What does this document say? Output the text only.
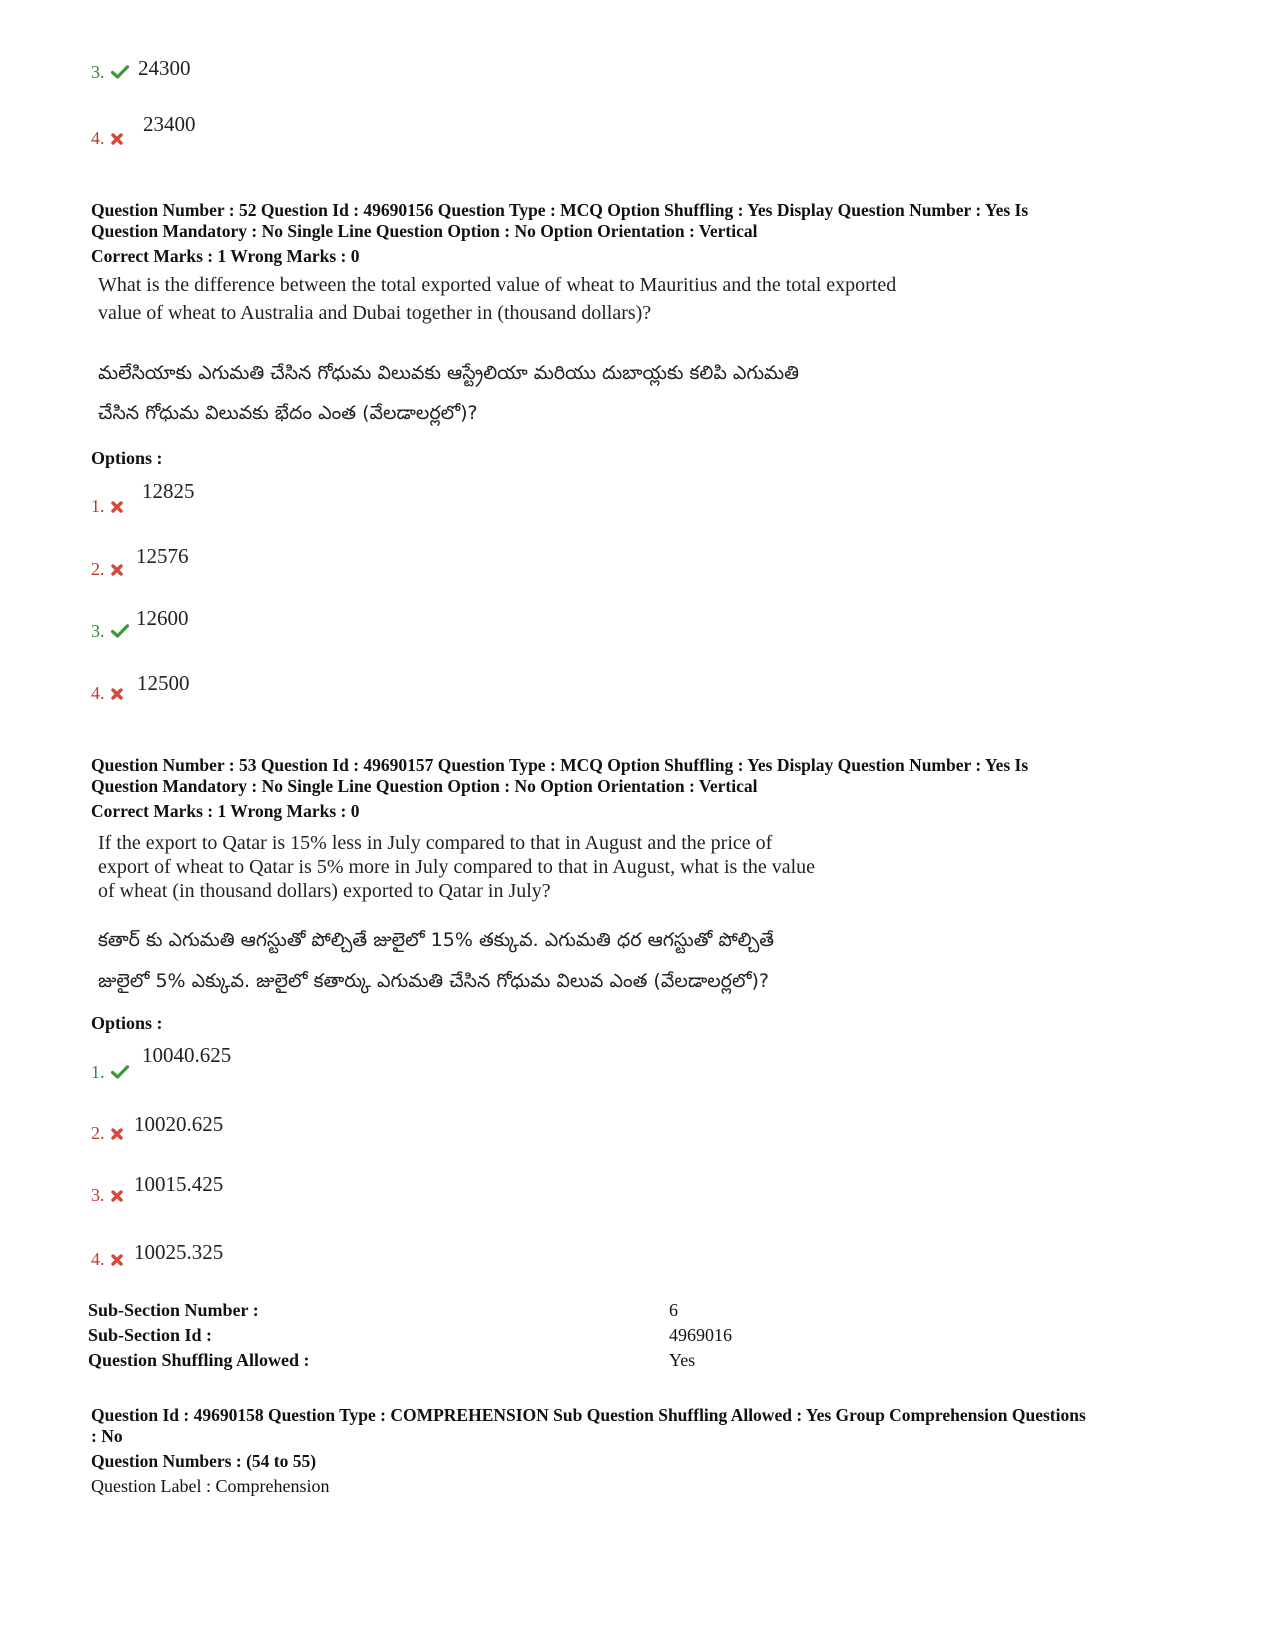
3.	24300
4.
23400
Question Number : 52 Question Id : 49690156 Question Type : MCQ Option Shuffling : Yes Display Question Number : Yes Is
Question Mandatory : No Single Line Question Option : No Option Orientation : Vertical
Correct Marks : 1 Wrong Marks : 0
What is the difference between the total exported value of wheat to Mauritius and the total exported
value of wheat to Australia and Dubai together in (thousand dollars)?
మలేసియాకు ఎగుమతి చేసిన గోధుమ విలువకు ఆస్ట్రేలియా మరియు దుబాయ్లకు కలిపి ఎగుమతి
చేసిన గోధుమ విలువకు భేదం ఎంత (వేలడాలర్లలో)?
Options :
1.
12825
2.
12576
3.
12600
4.	12500
Question Number : 53 Question Id : 49690157 Question Type : MCQ Option Shuffling : Yes Display Question Number : Yes Is
Question Mandatory : No Single Line Question Option : No Option Orientation : Vertical
Correct Marks : 1 Wrong Marks : 0
If the export to Qatar is 15% less in July compared to that in August and the price of
export of wheat to Qatar is 5% more in July compared to that in August, what is the value
of wheat (in thousand dollars) exported to Qatar in July?
కతార్ కు ఎగుమతి ఆగస్టుతో పోల్చితే జులైలో 15% తక్కువ. ఎగుమతి ధర ఆగస్టుతో పోల్చితే
జులైలో 5% ఎక్కువ. జులైలో కతార్కు ఎగుమతి చేసిన గోధుమ విలువ ఎంత (వేలడాలర్లలో)?
Options :
1.
10040.625
2.	10020.625
3.	10015.425
4.	10025.325
Sub-Section Number :	6
Sub-Section Id :	4969016
Question Shuffling Allowed :	Yes
Question Id : 49690158 Question Type : COMPREHENSION Sub Question Shuffling Allowed : Yes Group Comprehension Questions
: No
Question Numbers : (54 to 55)
Question Label : Comprehension
